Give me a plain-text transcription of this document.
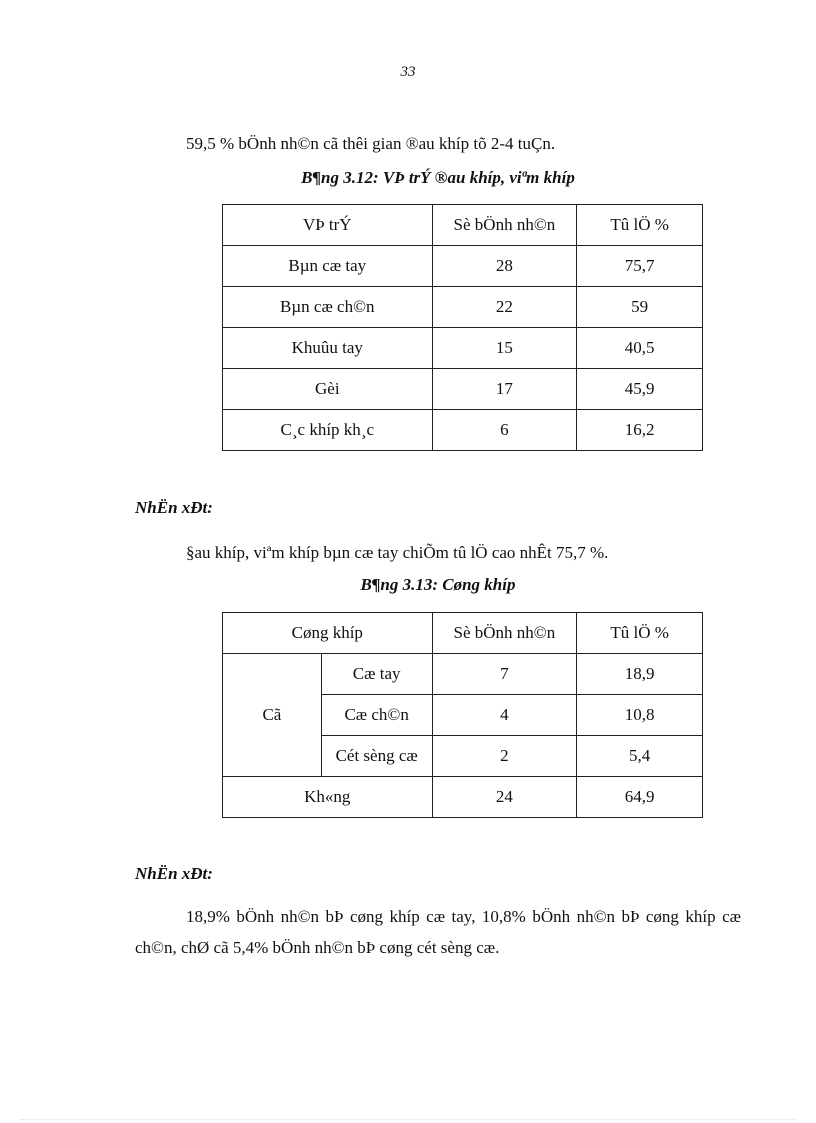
33

59,5 % bÖnh nh©n cã thêi gian ®au khíp tõ 2-4 tuÇn.

B¶ng 3.12: VÞ trÝ ®au khíp, viªm khíp
VÞ trÝ	Sè bÖnh nh©n	Tû lÖ %
Bµn cæ tay	28	75,7
Bµn cæ ch©n	22	59
Khuûu tay	15	40,5
Gèi	17	45,9
C¸c khíp kh¸c	6	16,2
NhËn xÐt:

§au khíp, viªm khíp bµn cæ tay chiÕm tû lÖ cao nhÊt 75,7 %.

B¶ng 3.13: Cøng khíp
Cøng khíp		Sè bÖnh nh©n	Tû lÖ %
Cã	Cæ tay	7	18,9
	Cæ ch©n	4	10,8
	Cét sèng cæ	2	5,4
Kh«ng		24	64,9
NhËn xÐt:

18,9% bÖnh nh©n bÞ cøng khíp cæ tay, 10,8% bÖnh nh©n bÞ cøng khíp cæ ch©n, chØ cã 5,4% bÖnh nh©n bÞ cøng cét sèng cæ.
